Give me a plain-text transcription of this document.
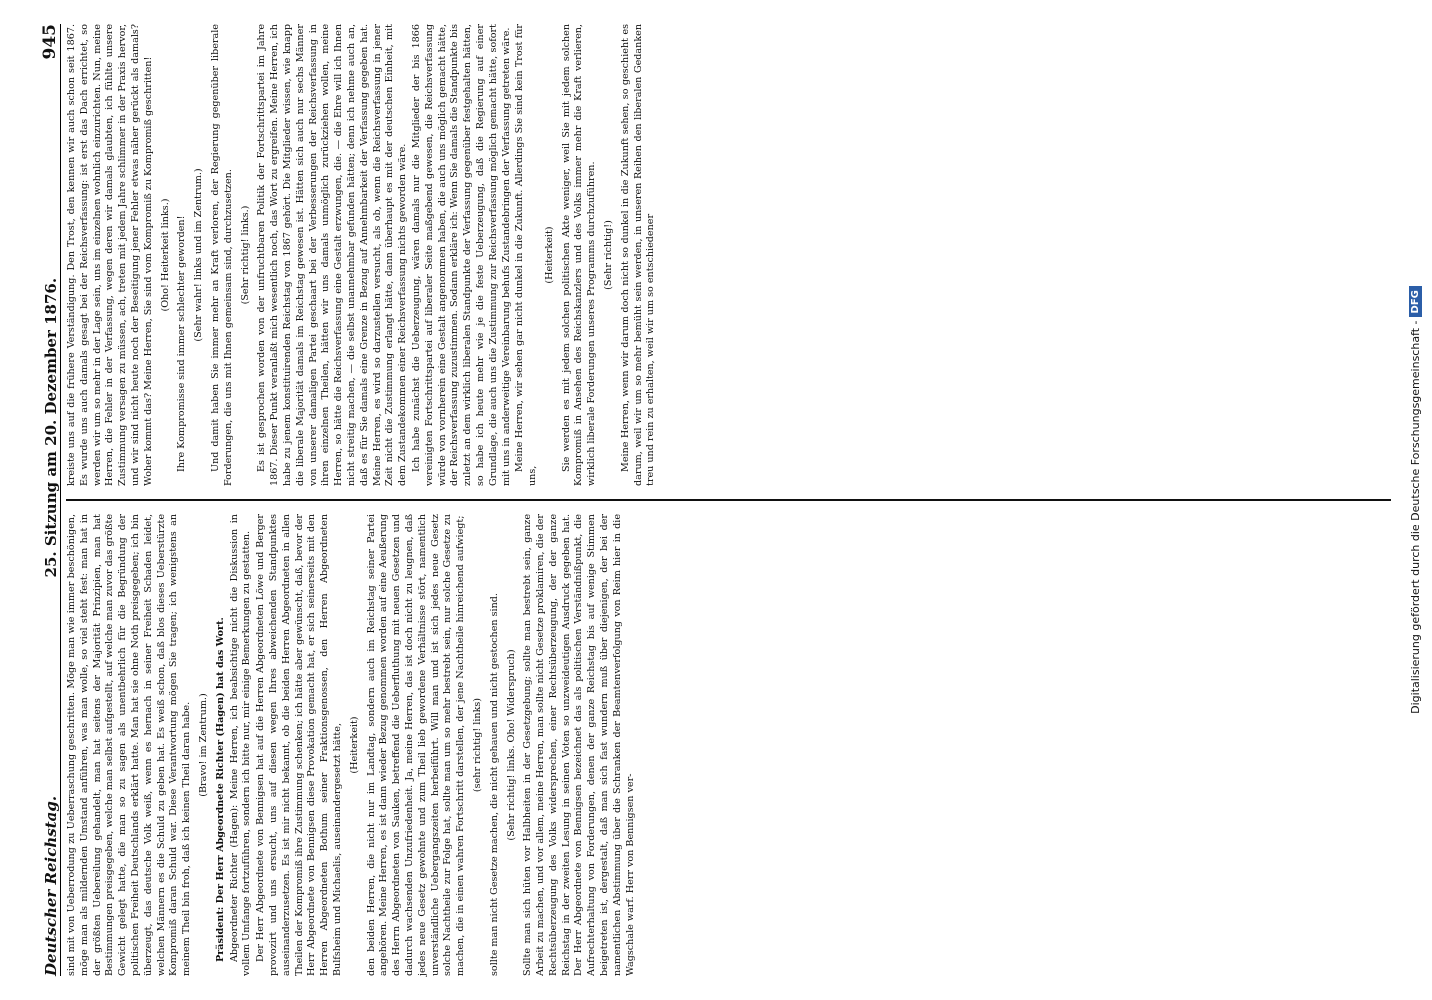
Deutscher Reichstag.
25. Sitzung am 20. Dezember 1876.
945

sind mit von Ueberrodung zu Ueberraschung geschritten. Möge man wie immer beschönigen, möge man als mildernden Umstand anführen, was man wolle, so viel steht fest: man hat in der größten Uebereilung gehandelt, man hat seitens der Majorität Prinzipien, man hat Bestimmungen preisgegeben, welche man selbst aufgestellt, auf welche man zuvor das größte Gewicht gelegt hatte, die man so zu sagen als unentbehrlich für die Begründung der politischen Freiheit Deutschlands erklärt hatte. Man hat sie ohne Noth preisgegeben; ich bin überzeugt, das deutsche Volk weiß, wenn es hernach in seiner Freiheit Schaden leidet, welchen Männern es die Schuld zu geben hat. Es weiß schon, daß blos dieses Ueberstürzte Kompromiß daran Schuld war. Diese Verantwortung mögen Sie tragen; ich wenigstens an meinem Theil bin froh, daß ich keinen Theil daran habe. (Bravo! im Zentrum.) Präsident: Der Herr Abgeordnete Richter (Hagen) hat das Wort. Abgeordneter Richter (Hagen): Meine Herren, ich beabsichtige nicht die Diskussion in vollem Umfange fortzuführen, sondern ich bitte nur, mir einige Bemerkungen zu gestatten. Der Herr Abgeordnete von Bennigsen hat auf die Herren Abgeordneten Löwe und Berger provozirt und uns ersucht, uns auf diesen wegen Ihres abweichenden Standpunktes auseinanderzusetzen. Es ist mir nicht bekannt, ob die beiden Herren Abgeordneten in allen Theilen der Kompromiß ihre Zustimmung schenken; ich hätte aber gewünscht, daß, bevor der Herr Abgeordnete von Bennigsen diese Provokation gemacht hat, er sich seinerseits mit den Herren Abgeordneten Bothum seiner Fraktionsgenossen, den Herren Abgeordneten Bulfsheim und Michaelis, auseinandergesetzt hätte, (Heiterkeit) den beiden Herren, die nicht nur im Landtag, sondern auch im Reichstag seiner Partei angehören. Meine Herren, es ist dann wieder Bezug genommen worden auf eine Aeußerung des Herrn Abgeordneten von Sauken, betreffend die Ueberfluthung mit neuen Gesetzen und dadurch wachsenden Unzufriedenheit. Ja, meine Herren, das ist doch nicht zu leugnen, daß jedes neue Gesetz gewohnte und zum Theil lieb gewordene Verhältnisse stört, namentlich unverständliche Uebergangszeiten herbeiführt. Will man und ist sich jedes neue Gesetz solche Nachtheile zur Folge hat, sollte man um so mehr bestrebt sein, nur solche Gesetze zu machen, die in einen wahren Fortschritt darstellen, der jene Nachtheile hinreichend aufwiegt; (sehr richtig! links) sollte man nicht Gesetze machen, die nicht gehauen und nicht gestochen sind. (Sehr richtig! links. Oho! Widerspruch) Sollte man sich hüten vor Halbheiten in der Gesetzgebung; sollte man bestrebt sein, ganze Arbeit zu machen, und vor allem, meine Herren, man sollte nicht Gesetze proklamiren, die der Rechtsüberzeugung des Volks widersprechen, einer Rechtsüberzeugung, der der ganze Reichstag in der zweiten Lesung in seinen Voten so unzweideutigen Ausdruck gegeben hat. Der Herr Abgeordnete von Bennigsen bezeichnet das als politischen Verständnißpunkt, die Aufrechterhaltung von Forderungen, denen der ganze Reichstag bis auf wenige Stimmen beigetreten ist, dergestalt, daß man sich fast wundern muß über diejenigen, der bei der namentlichen Abstimmung über die Schranken der Beamtenverfolgung von Reim hier in die Wagschale warf. Herr von Bennigsen ver-

kreiste uns auf die frühere Verständigung. Den Trost, den kennen wir auch schon seit 1867. Es wurde uns auch damals gesagt bei der Reichsverfassung: ist erst das Dach errichtet, so werden wir um so mehr in der Lage sein, uns im einzelnen wohnlich einzurichten. Nun, meine Herren, die Fehler in der Verfassung, wegen deren wir damals glaubten, ich fühlte unsere Zustimmung versagen zu müssen, ach, treten mit jedem Jahre schlimmer in der Praxis hervor, und wir sind nicht heute noch der Beseitigung jener Fehler etwas näher gerückt als damals? Woher kommt das? Meine Herren, Sie sind vom Kompromiß zu Kompromiß geschritten! (Oho! Heiterkeit links.) Ihre Kompromisse sind immer schlechter geworden! (Sehr wahr! links und im Zentrum.) Und damit haben Sie immer mehr an Kraft verloren, der Regierung gegenüber liberale Forderungen, die uns mit Ihnen gemeinsam sind, durchzusetzen. (Sehr richtig! links.) Es ist gesprochen worden von der unfruchtbaren Politik der Fortschrittspartei im Jahre 1867. Dieser Punkt veranlaßt mich wesentlich noch, das Wort zu ergreifen. Meine Herren, ich habe zu jenem konstituirenden Reichstag von 1867 gehört. Die Mitglieder wissen, wie knapp die liberale Majorität damals im Reichstag gewesen ist. Hätten sich auch nur sechs Männer von unserer damaligen Partei geschaart bei der Verbesserungen der Reichsverfassung in ihren einzelnen Theilen, hätten wir uns damals unmöglich zurückziehen wollen, meine Herren, so hätte die Reichsverfassung eine Gestalt erzwungen, die. — die Ehre will ich Ihnen nicht streitig machen, — die selbst unannehmbar gefunden hätten; denn ich nehme auch an, daß es für Sie damals eine Grenze in Bezug auf Annehmbarkeit der Verfassung gegeben hat. Meine Herren, es wird so darzustellen versucht, als ob, wenn die Reichsverfassung in jener Zeit nicht die Zustimmung erlangt hätte, dann überhaupt es mit der deutschen Einheit, mit dem Zustandekommen einer Reichsverfassung nichts geworden wäre. Ich habe zunächst die Ueberzeugung, wären damals nur die Mitglieder der bis 1866 vereinigten Fortschrittspartei auf liberaler Seite maßgebend gewesen, die Reichsverfassung würde von vornherein eine Gestalt angenommen haben, die auch uns möglich gemacht hätte, der Reichsverfassung zuzustimmen. Sodann erkläre ich: Wenn Sie damals die Standpunkte bis zuletzt an dem wirklich liberalen Standpunkte der Verfassung gegenüber festgehalten hätten, so habe ich heute mehr wie je die feste Ueberzeugung, daß die Regierung auf einer Grundlage, die auch uns die Zustimmung zur Reichsverfassung möglich gemacht hätte, sofort mit uns in anderweitige Vereinbarung behufs Zustandebringen der Verfassung getreten wäre. Meine Herren, wir sehen gar nicht dunkel in die Zukunft. Allerdings Sie sind kein Trost für uns,

(Heiterkeit) Sie werden es mit jedem solchen politischen Akte weniger, weil Sie mit jedem solchen Kompromiß in Ansehen des Reichskanzlers und des Volks immer mehr die Kraft verlieren, wirklich liberale Forderungen unseres Programms durchzuführen. (Sehr richtig!) Meine Herren, wenn wir darum doch nicht so dunkel in die Zukunft sehen, so geschieht es darum, weil wir um so mehr bemüht sein werden, in unseren Reihen den liberalen Gedanken treu und rein zu erhalten, weil wir um so entschiedener	Digitalisierung gefördert durch die Deutsche Forschungsgemeinschaft -
DFG
